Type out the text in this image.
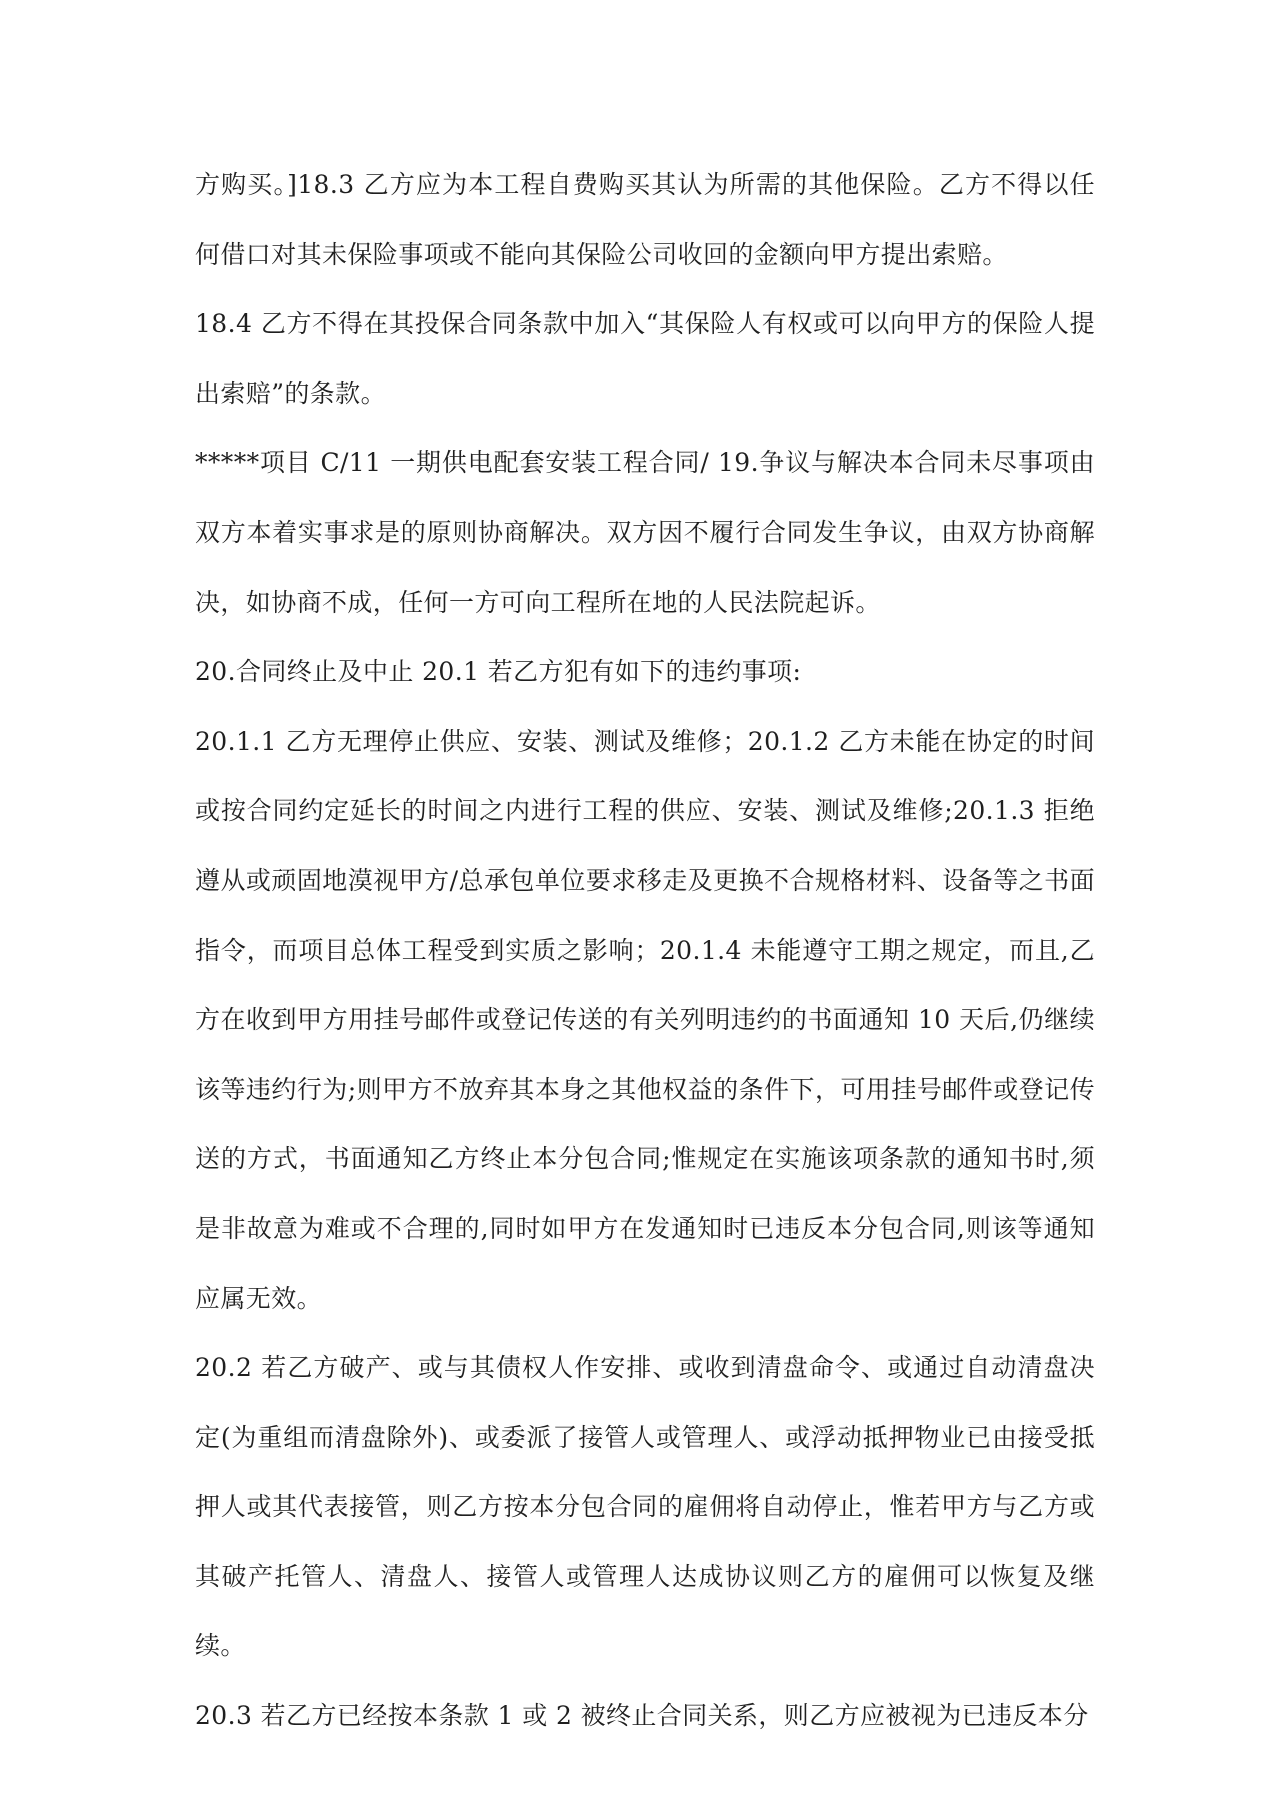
方购买。]18.3 乙方应为本工程自费购买其认为所需的其他保险。乙方不得以任何借口对其未保险事项或不能向其保险公司收回的金额向甲方提出索赔。

18.4 乙方不得在其投保合同条款中加入“其保险人有权或可以向甲方的保险人提出索赔”的条款。

*****项目 C/11 一期供电配套安装工程合同/ 19.争议与解决本合同未尽事项由双方本着实事求是的原则协商解决。双方因不履行合同发生争议，由双方协商解决，如协商不成，任何一方可向工程所在地的人民法院起诉。

20.合同终止及中止 20.1 若乙方犯有如下的违约事项:

20.1.1 乙方无理停止供应、安装、测试及维修；20.1.2 乙方未能在协定的时间或按合同约定延长的时间之内进行工程的供应、安装、测试及维修;20.1.3 拒绝遵从或顽固地漠视甲方/总承包单位要求移走及更换不合规格材料、设备等之书面指令，而项目总体工程受到实质之影响；20.1.4 未能遵守工期之规定，而且,乙方在收到甲方用挂号邮件或登记传送的有关列明违约的书面通知 10 天后,仍继续该等违约行为;则甲方不放弃其本身之其他权益的条件下，可用挂号邮件或登记传送的方式，书面通知乙方终止本分包合同;惟规定在实施该项条款的通知书时,须是非故意为难或不合理的,同时如甲方在发通知时已违反本分包合同,则该等通知应属无效。

20.2 若乙方破产、或与其债权人作安排、或收到清盘命令、或通过自动清盘决定(为重组而清盘除外)、或委派了接管人或管理人、或浮动抵押物业已由接受抵押人或其代表接管，则乙方按本分包合同的雇佣将自动停止，惟若甲方与乙方或其破产托管人、清盘人、接管人或管理人达成协议则乙方的雇佣可以恢复及继续。

20.3 若乙方已经按本条款 1 或 2 被终止合同关系，则乙方应被视为已违反本分
